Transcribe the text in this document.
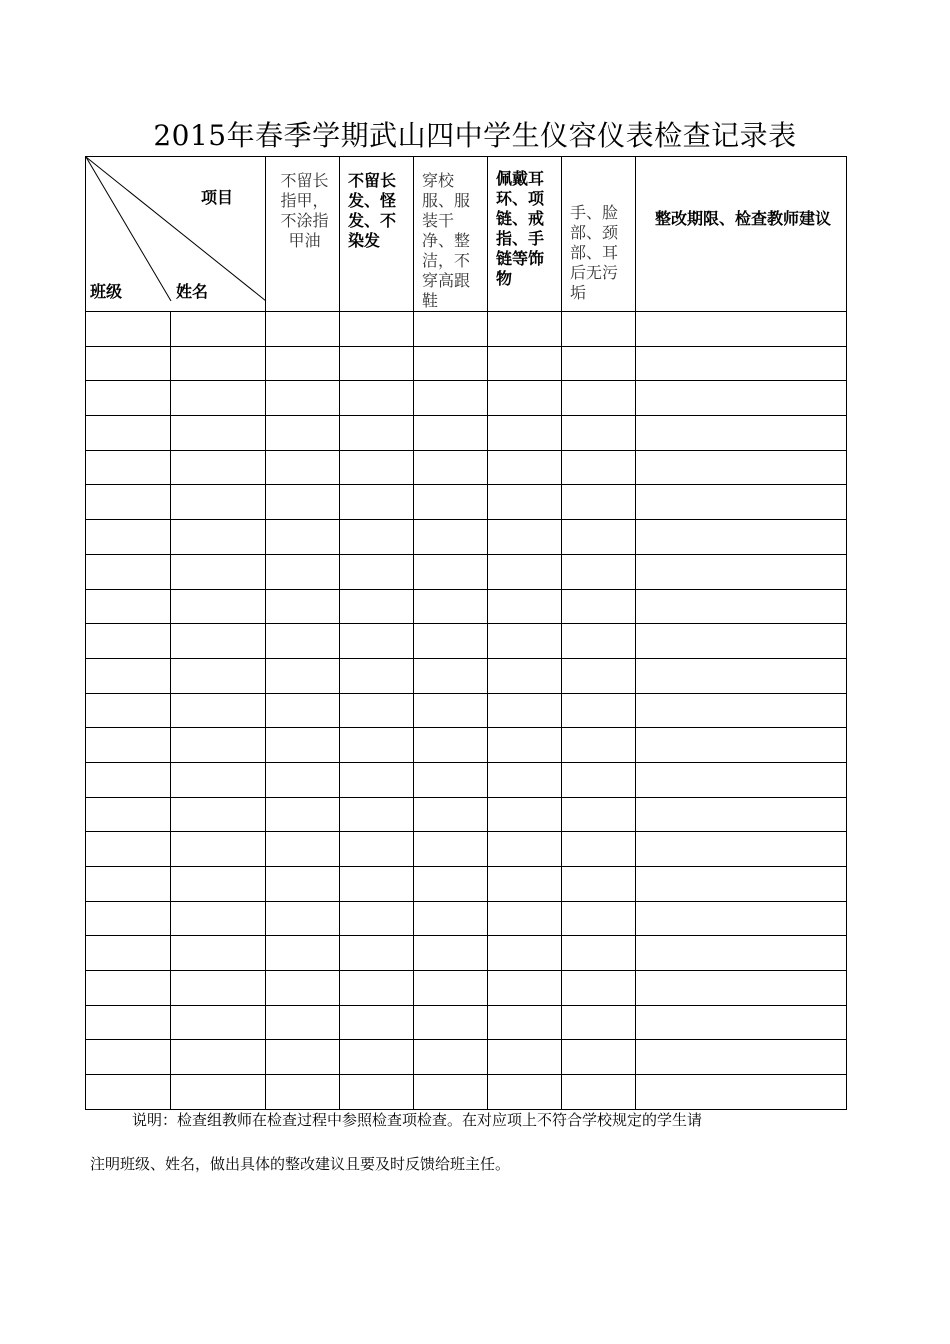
2015年春季学期武山四中学生仪容仪表检查记录表
项目
班级 姓名		不留长指甲，不涂指甲油	不留长发、怪发、不染发	穿校服、服装干净、整洁，不穿高跟鞋	佩戴耳环、项链、戒指、手链等饰物	手、脸部、颈部、耳后无污垢	整改期限、检查教师建议

说明：检查组教师在检查过程中参照检查项检查。在对应项上不符合学校规定的学生请
注明班级、姓名，做出具体的整改建议且要及时反馈给班主任。
